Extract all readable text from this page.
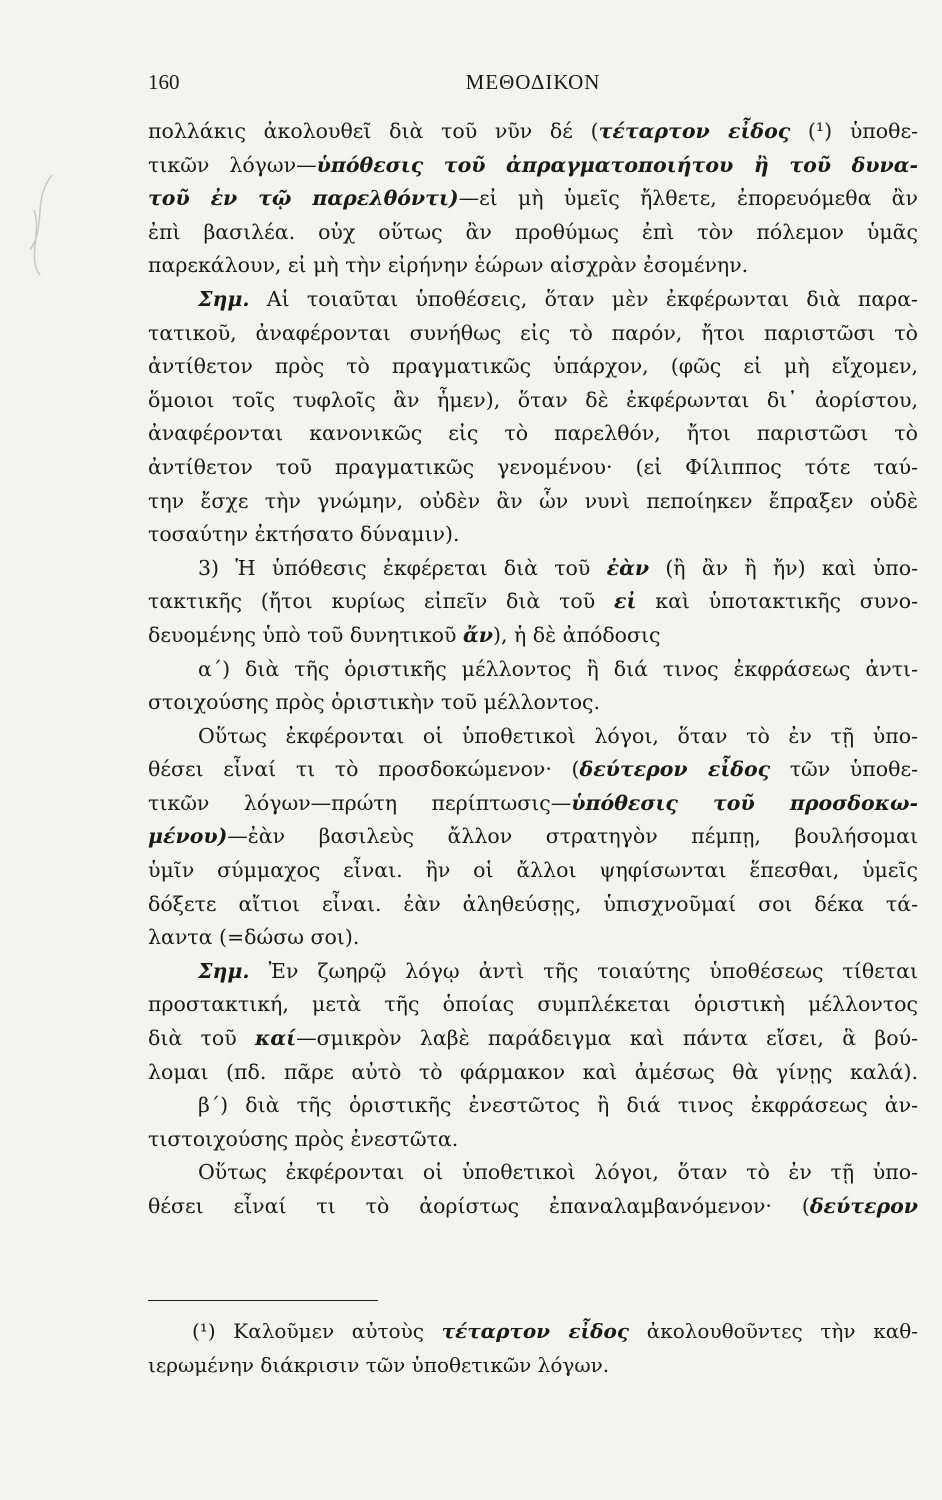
160	ΜΕΘΟΔΙΚΟΝ
πολλάκις ἀκολουθεῖ διὰ τοῦ νῦν δέ (τέταρτον εἶδος (¹) ὑποθε-
τικῶν λόγων—ὑπόθεσις τοῦ ἀπραγματοποιήτου ἢ τοῦ δυνα-
τοῦ ἐν τῷ παρελθόντι)—εἰ μὴ ὑμεῖς ἤλθετε, ἐπορευόμεθα ἂν
ἐπὶ βασιλέα. οὐχ οὕτως ἂν προθύμως ἐπὶ τὸν πόλεμον ὑμᾶς
παρεκάλουν, εἰ μὴ τὴν εἰρήνην ἑώρων αἰσχρὰν ἐσομένην.
Σημ. Αἱ τοιαῦται ὑποθέσεις, ὅταν μὲν ἐκφέρωνται διὰ παρα-
τατικοῦ, ἀναφέρονται συνήθως εἰς τὸ παρόν, ἤτοι παριστῶσι τὸ
ἀντίθετον πρὸς τὸ πραγματικῶς ὑπάρχον, (φῶς εἰ μὴ εἴχομεν,
ὅμοιοι τοῖς τυφλοῖς ἂν ἦμεν), ὅταν δὲ ἐκφέρωνται δι᾽ ἀορίστου,
ἀναφέρονται κανονικῶς εἰς τὸ παρελθόν, ἤτοι παριστῶσι τὸ
ἀντίθετον τοῦ πραγματικῶς γενομένου· (εἰ Φίλιππος τότε ταύ-
την ἔσχε τὴν γνώμην, οὐδὲν ἂν ὧν νυνὶ πεποίηκεν ἔπραξεν οὐδὲ
τοσαύτην ἐκτήσατο δύναμιν).
3) Ἡ ὑπόθεσις ἐκφέρεται διὰ τοῦ ἐὰν (ἢ ἂν ἢ ἤν) καὶ ὑπο-
τακτικῆς (ἤτοι κυρίως εἰπεῖν διὰ τοῦ εἰ καὶ ὑποτακτικῆς συνο-
δευομένης ὑπὸ τοῦ δυνητικοῦ ἄν), ἡ δὲ ἀπόδοσις
α΄) διὰ τῆς ὁριστικῆς μέλλοντος ἢ διά τινος ἐκφράσεως ἀντι-
στοιχούσης πρὸς ὁριστικὴν τοῦ μέλλοντος.
Οὕτως ἐκφέρονται οἱ ὑποθετικοὶ λόγοι, ὅταν τὸ ἐν τῇ ὑπο-
θέσει εἶναί τι τὸ προσδοκώμενον· (δεύτερον εἶδος τῶν ὑποθε-
τικῶν λόγων—πρώτη περίπτωσις—ὑπόθεσις τοῦ προσδοκω-
μένου)—ἐὰν βασιλεὺς ἄλλον στρατηγὸν πέμπῃ, βουλήσομαι
ὑμῖν σύμμαχος εἶναι. ἢν οἱ ἄλλοι ψηφίσωνται ἕπεσθαι, ὑμεῖς
δόξετε αἴτιοι εἶναι. ἐὰν ἀληθεύσῃς, ὑπισχνοῦμαί σοι δέκα τά-
λαντα (=δώσω σοι).
Σημ. Ἐν ζωηρῷ λόγῳ ἀντὶ τῆς τοιαύτης ὑποθέσεως τίθεται
προστακτική, μετὰ τῆς ὁποίας συμπλέκεται ὁριστικὴ μέλλοντος
διὰ τοῦ καί—σμικρὸν λαβὲ παράδειγμα καὶ πάντα εἴσει, ἃ βού-
λομαι (πδ. πᾶρε αὐτὸ τὸ φάρμακον καὶ ἀμέσως θὰ γίνῃς καλά).
β΄) διὰ τῆς ὁριστικῆς ἐνεστῶτος ἢ διά τινος ἐκφράσεως ἀν-
τιστοιχούσης πρὸς ἐνεστῶτα.
Οὕτως ἐκφέρονται οἱ ὑποθετικοὶ λόγοι, ὅταν τὸ ἐν τῇ ὑπο-
θέσει εἶναί τι τὸ ἀορίστως ἐπαναλαμβανόμενον· (δεύτερον
(¹) Καλοῦμεν αὐτοὺς τέταρτον εἶδος ἀκολουθοῦντες τὴν καθ-
ιερωμένην διάκρισιν τῶν ὑποθετικῶν λόγων.
